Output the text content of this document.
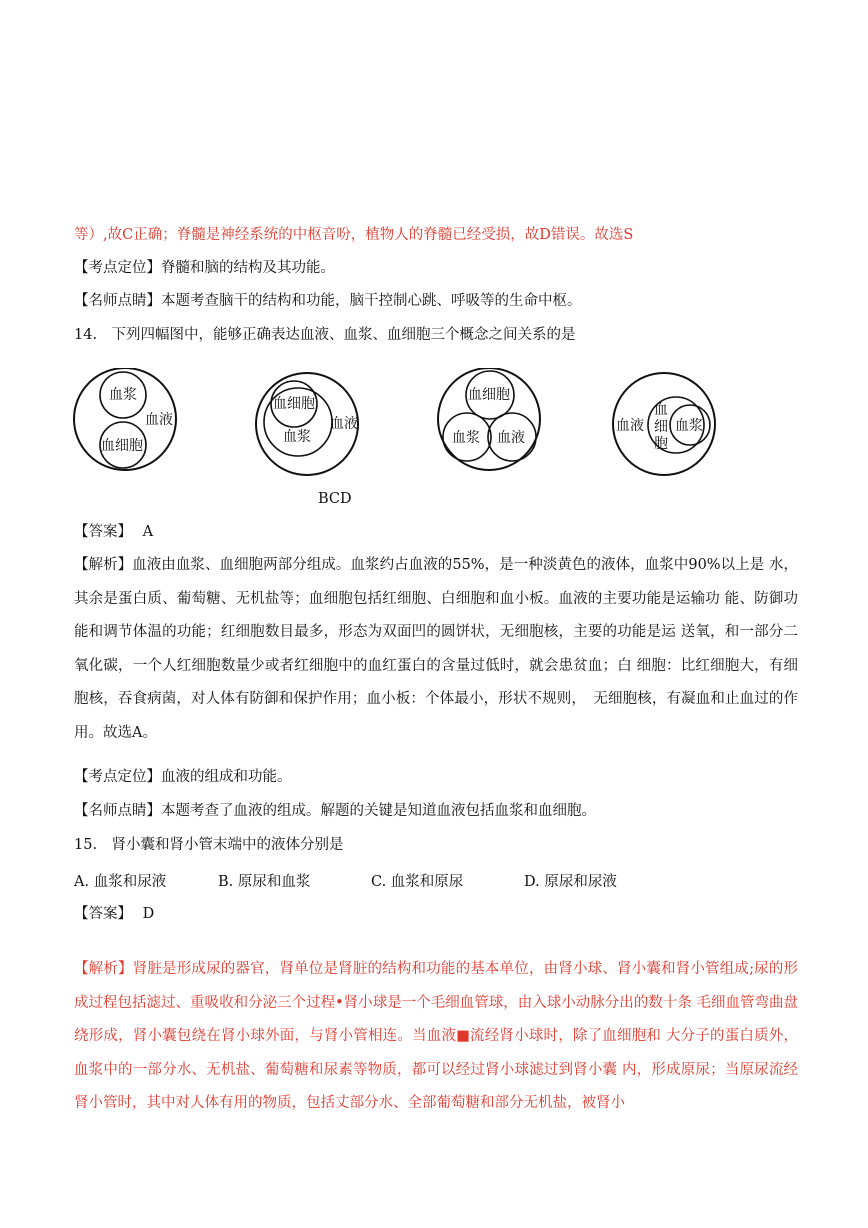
等）,故C正确；脊髓是神经系统的中枢音吩，植物人的脊髓已经受损，故D错误。故选S
【考点定位】脊髓和脑的结构及其功能。
【名师点睛】本题考查脑干的结构和功能，脑干控制心跳、呼吸等的生命中枢。
14.　下列四幅图中，能够正确表达血液、血浆、血细胞三个概念之间关系的是
血浆
血液
血细胞
血细胞
血浆
血液
血细胞
血浆 血液
血液
血 细 胞
血浆
BCD
【答案】 A
【解析】血液由血浆、血细胞两部分组成。血浆约占血液的55%，是一种淡黄色的液体，血浆中90%以上是 水，其余是蛋白质、葡萄糖、无机盐等；血细胞包括红细胞、白细胞和血小板。血液的主要功能是运输功 能、防御功能和调节体温的功能；红细胞数目最多，形态为双面凹的圆饼状，无细胞核，主要的功能是运 送氧，和一部分二氧化碳，一个人红细胞数量少或者红细胞中的血红蛋白的含量过低时，就会患贫血；白 细胞：比红细胞大，有细胞核，吞食病菌，对人体有防御和保护作用；血小板：个体最小，形状不规则，　无细胞核，有凝血和止血过的作用。故选A。
【考点定位】血液的组成和功能。
【名师点睛】本题考查了血液的组成。解题的关键是知道血液包括血浆和血细胞。
15.　肾小囊和肾小管末端中的液体分别是
A. 血浆和尿液	B. 原尿和血浆	C. 血浆和原尿	D. 原尿和尿液
【答案】 D
【解析】肾脏是形成尿的器官，肾单位是肾脏的结构和功能的基本单位，由肾小球、肾小囊和肾小管组成;尿的形成过程包括滤过、重吸收和分泌三个过程•肾小球是一个毛细血管球，由入球小动脉分出的数十条 毛细血管弯曲盘绕形成，肾小囊包绕在肾小球外面，与肾小管相连。当血液■流经肾小球时，除了血细胞和 大分子的蛋白质外，血浆中的一部分水、无机盐、葡萄糖和尿素等物质，都可以经过肾小球滤过到肾小囊 内，形成原尿；当原尿流经肾小管时，其中对人体有用的物质，包括丈部分水、全部葡萄糖和部分无机盐，被肾小
